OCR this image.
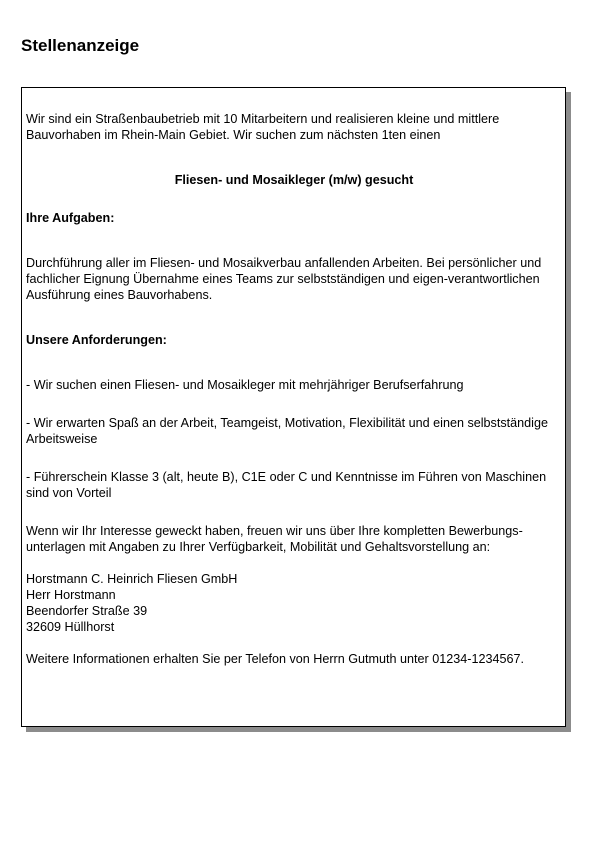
Stellenanzeige

Wir sind ein Straßenbaubetrieb mit 10 Mitarbeitern und realisieren kleine und mittlere Bauvorhaben im Rhein-Main Gebiet. Wir suchen zum nächsten 1ten einen

Fliesen- und Mosaikleger (m/w) gesucht

Ihre Aufgaben:

Durchführung aller im Fliesen- und Mosaikverbau anfallenden Arbeiten. Bei persönlicher und fachlicher Eignung Übernahme eines Teams zur selbstständigen und eigen-verantwortlichen Ausführung eines Bauvorhabens.

Unsere Anforderungen:

- Wir suchen einen Fliesen- und Mosaikleger mit mehrjähriger Berufserfahrung

- Wir erwarten Spaß an der Arbeit, Teamgeist, Motivation, Flexibilität und einen selbstständige Arbeitsweise

- Führerschein Klasse 3 (alt, heute B), C1E oder C und Kenntnisse im Führen von Maschinen sind von Vorteil

Wenn wir Ihr Interesse geweckt haben, freuen wir uns über Ihre kompletten Bewerbungs-unterlagen mit Angaben zu Ihrer Verfügbarkeit, Mobilität und Gehaltsvorstellung an:

Horstmann C. Heinrich Fliesen GmbH

Herr Horstmann

Beendorfer Straße 39

32609 Hüllhorst

Weitere Informationen erhalten Sie per Telefon von Herrn Gutmuth unter 01234-1234567.
